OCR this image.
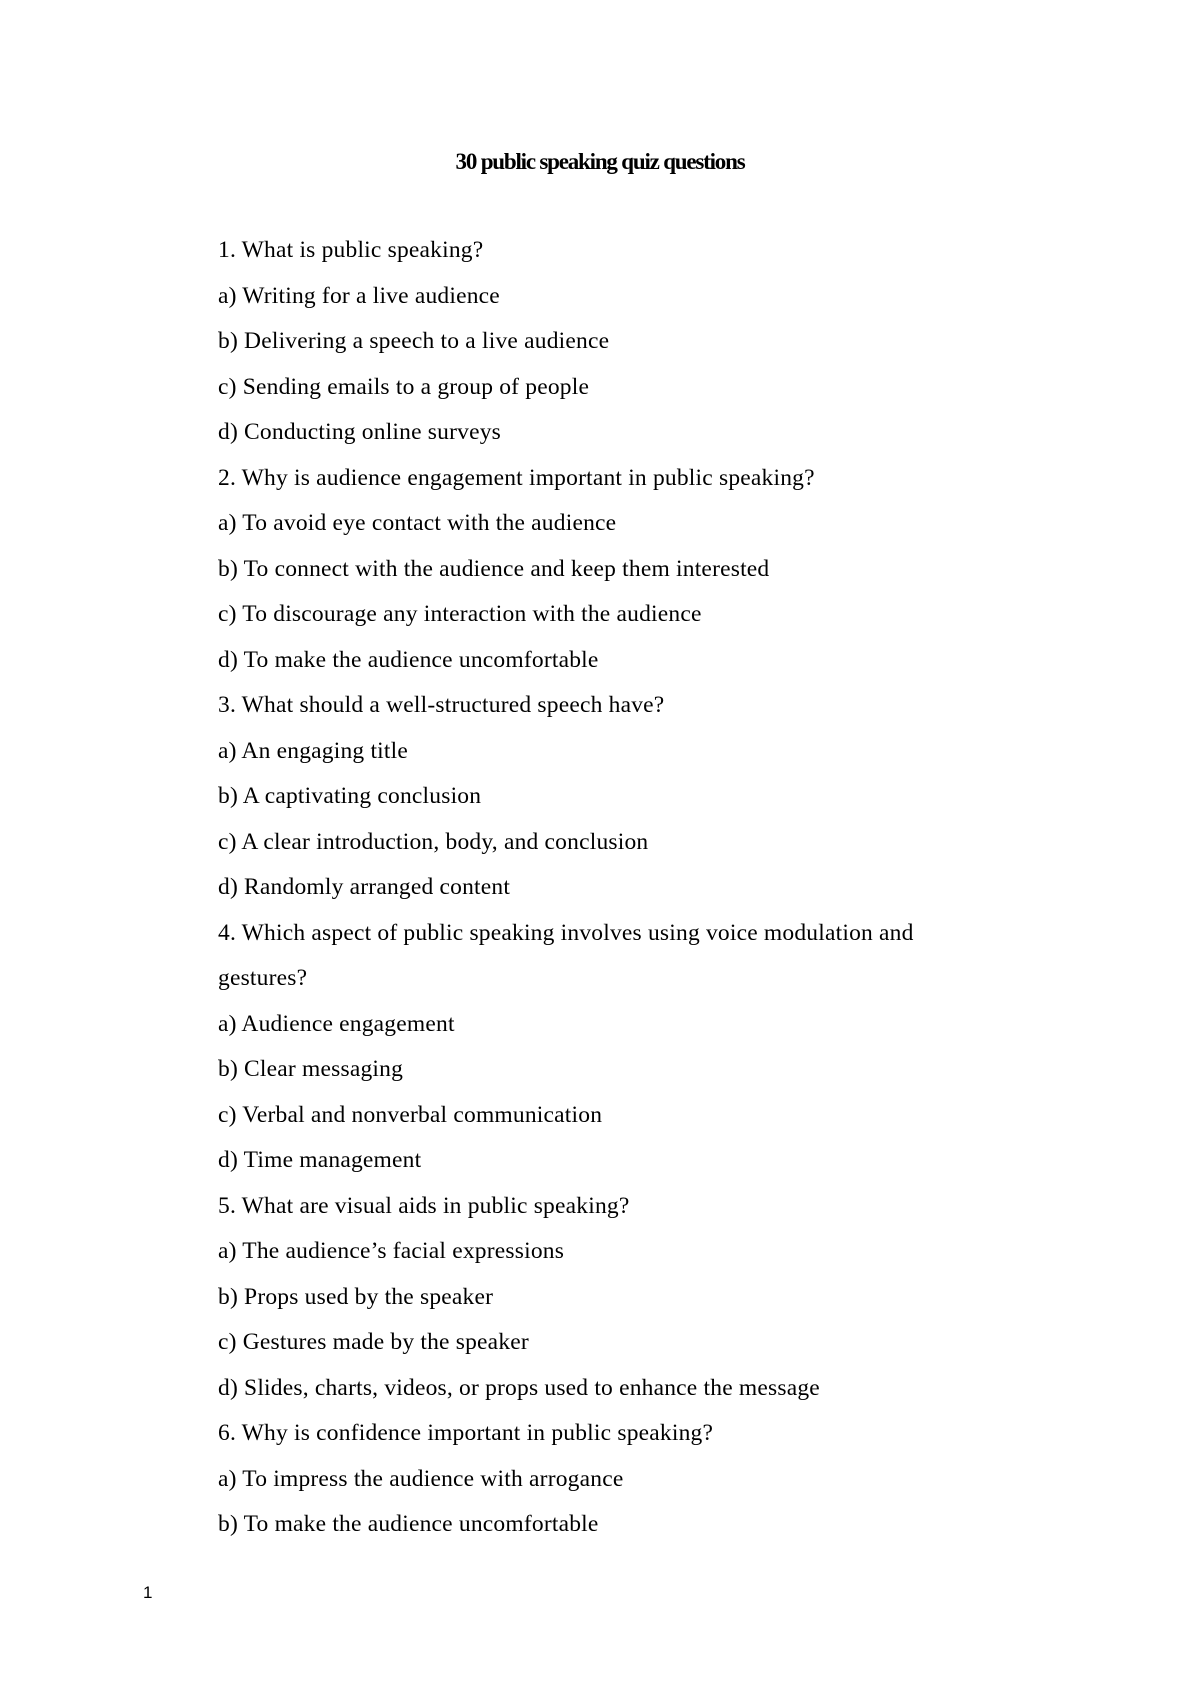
30 public speaking quiz questions
1. What is public speaking?
a) Writing for a live audience
b) Delivering a speech to a live audience
c) Sending emails to a group of people
d) Conducting online surveys
2. Why is audience engagement important in public speaking?
a) To avoid eye contact with the audience
b) To connect with the audience and keep them interested
c) To discourage any interaction with the audience
d) To make the audience uncomfortable
3. What should a well-structured speech have?
a) An engaging title
b) A captivating conclusion
c) A clear introduction, body, and conclusion
d) Randomly arranged content
4. Which aspect of public speaking involves using voice modulation and
gestures?
a) Audience engagement
b) Clear messaging
c) Verbal and nonverbal communication
d) Time management
5. What are visual aids in public speaking?
a) The audience’s facial expressions
b) Props used by the speaker
c) Gestures made by the speaker
d) Slides, charts, videos, or props used to enhance the message
6. Why is confidence important in public speaking?
a) To impress the audience with arrogance
b) To make the audience uncomfortable
1
